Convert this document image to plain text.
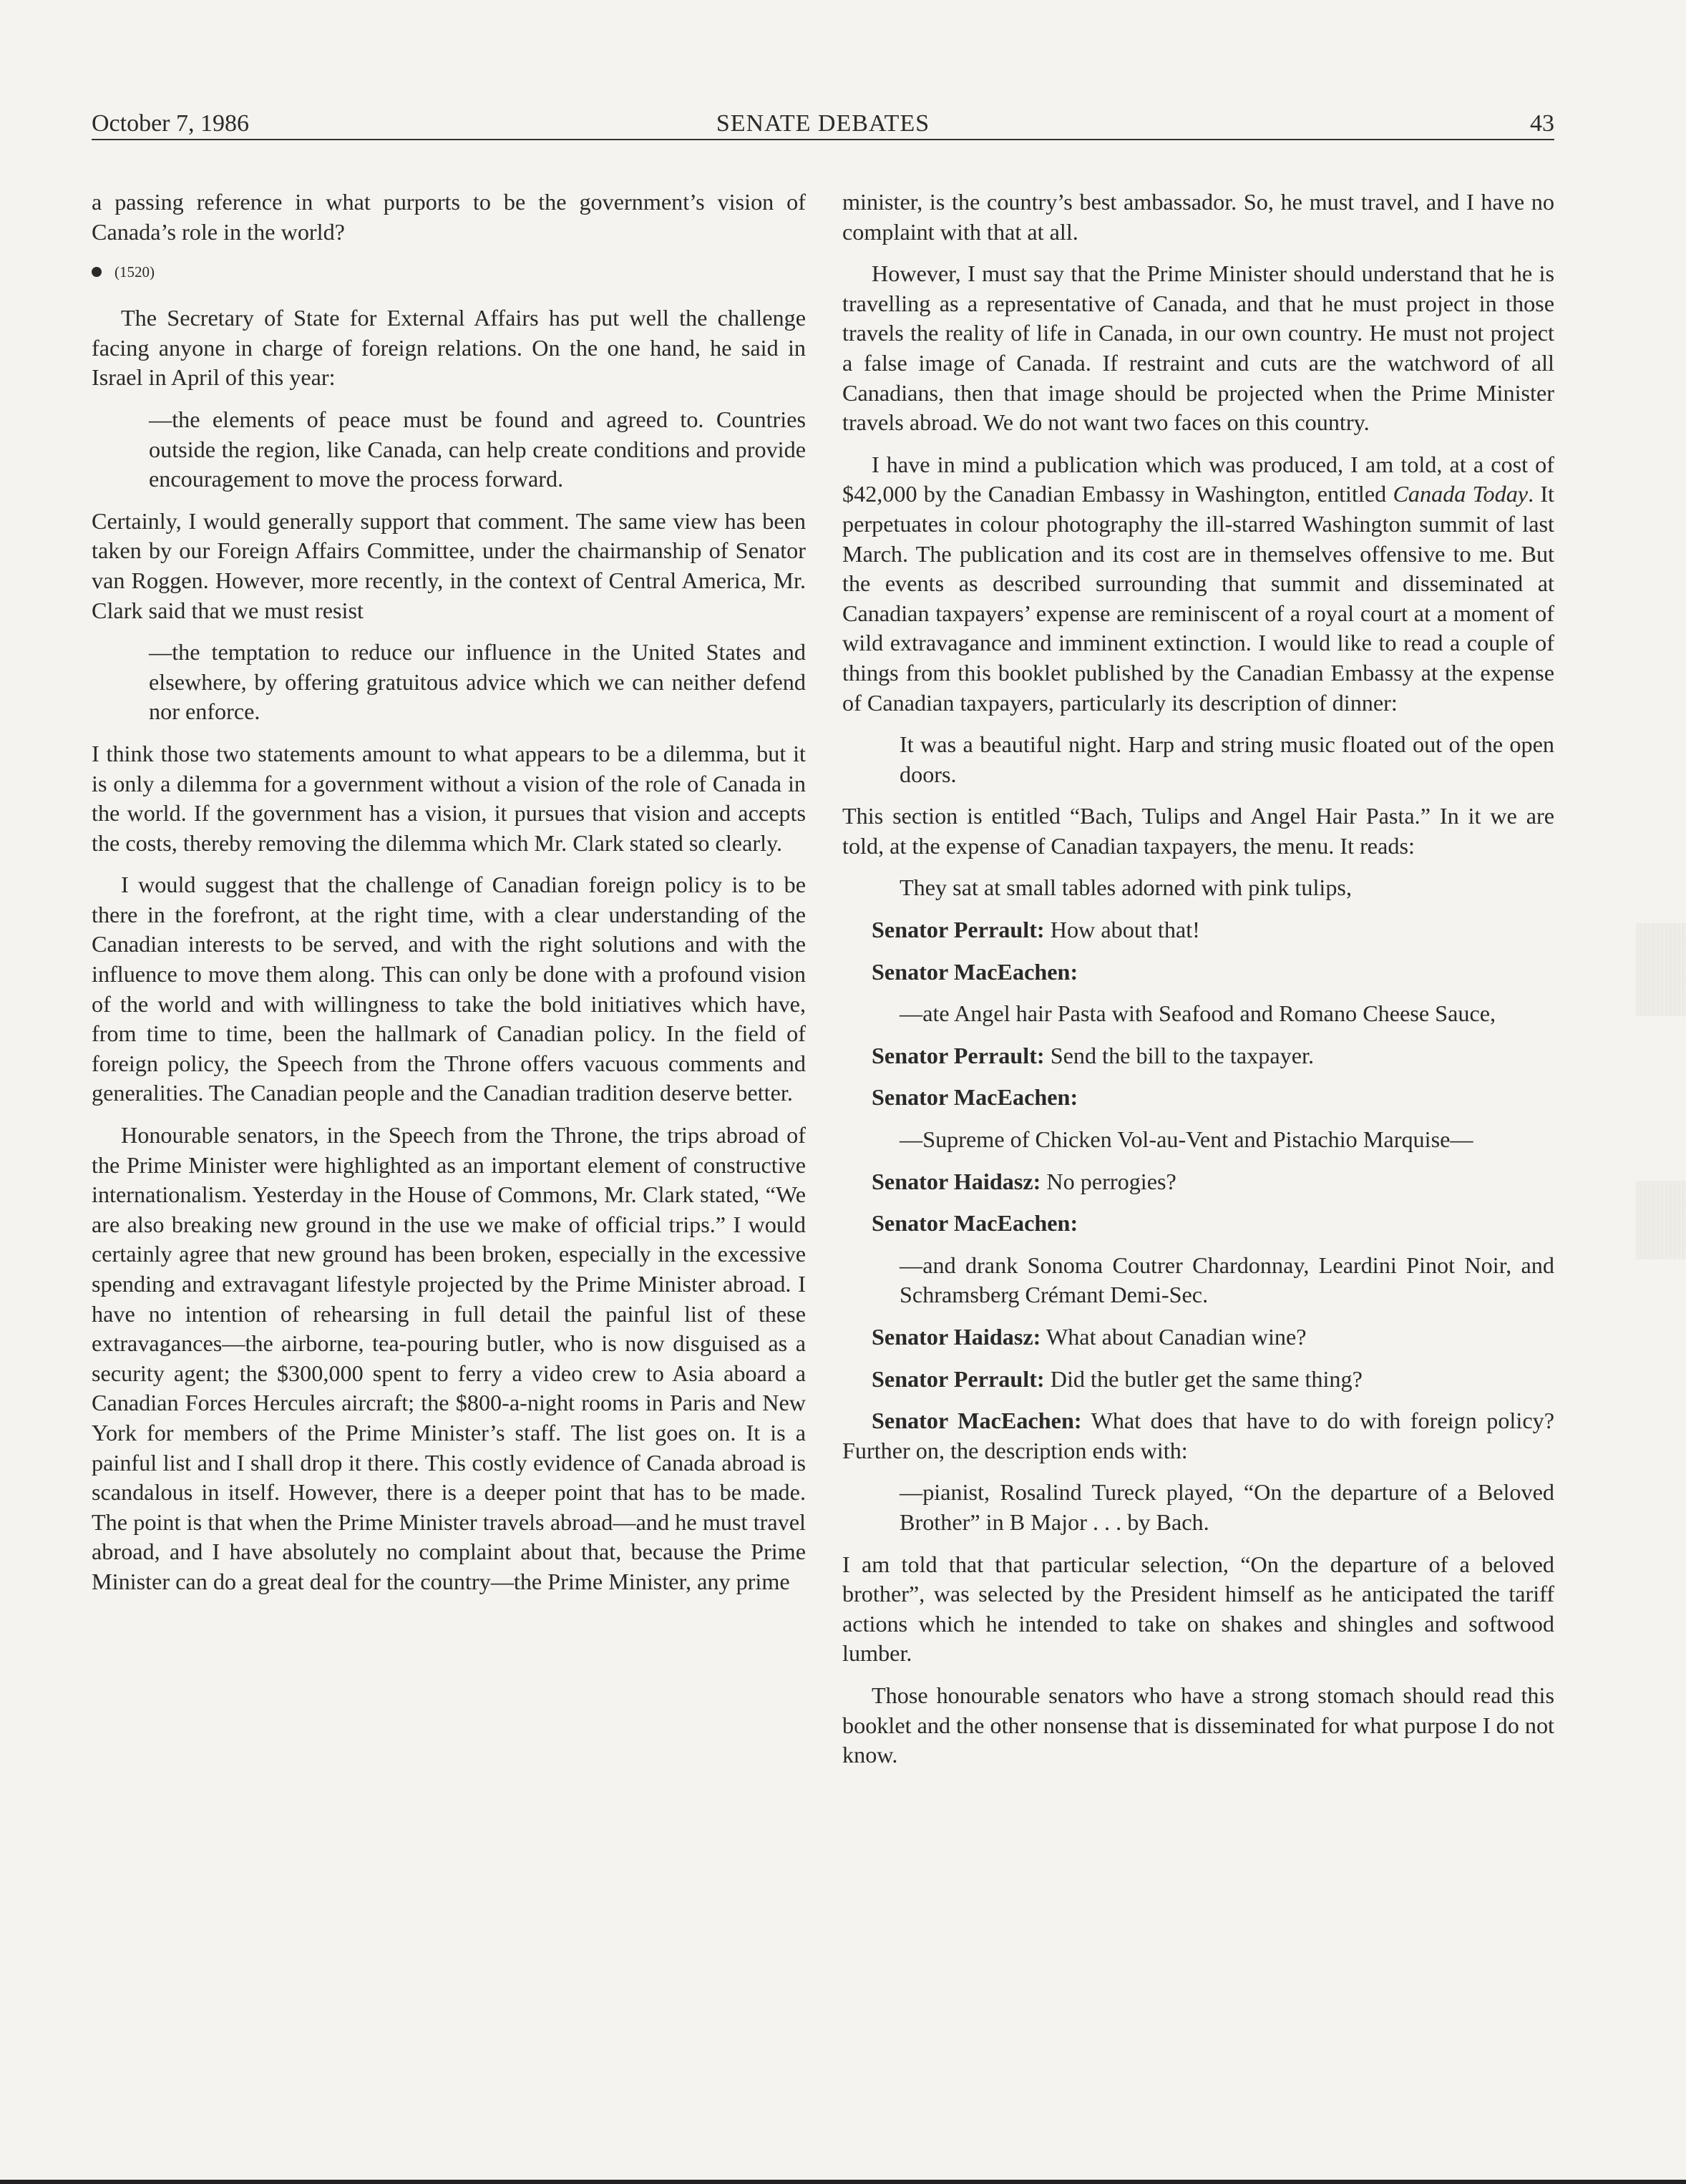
October 7, 1986	SENATE DEBATES	43

a passing reference in what purports to be the government’s vision of Canada’s role in the world?

(1520)

The Secretary of State for External Affairs has put well the challenge facing anyone in charge of foreign relations. On the one hand, he said in Israel in April of this year:

—the elements of peace must be found and agreed to. Countries outside the region, like Canada, can help create conditions and provide encouragement to move the process forward.

Certainly, I would generally support that comment. The same view has been taken by our Foreign Affairs Committee, under the chairmanship of Senator van Roggen. However, more recently, in the context of Central America, Mr. Clark said that we must resist

—the temptation to reduce our influence in the United States and elsewhere, by offering gratuitous advice which we can neither defend nor enforce.

I think those two statements amount to what appears to be a dilemma, but it is only a dilemma for a government without a vision of the role of Canada in the world. If the government has a vision, it pursues that vision and accepts the costs, thereby removing the dilemma which Mr. Clark stated so clearly.

I would suggest that the challenge of Canadian foreign policy is to be there in the forefront, at the right time, with a clear understanding of the Canadian interests to be served, and with the right solutions and with the influence to move them along. This can only be done with a profound vision of the world and with willingness to take the bold initiatives which have, from time to time, been the hallmark of Canadian policy. In the field of foreign policy, the Speech from the Throne offers vacuous comments and generalities. The Canadian people and the Canadian tradition deserve better.

Honourable senators, in the Speech from the Throne, the trips abroad of the Prime Minister were highlighted as an important element of constructive internationalism. Yesterday in the House of Commons, Mr. Clark stated, “We are also breaking new ground in the use we make of official trips.” I would certainly agree that new ground has been broken, especially in the excessive spending and extravagant lifestyle projected by the Prime Minister abroad. I have no intention of rehearsing in full detail the painful list of these extravagances—the airborne, tea-pouring butler, who is now disguised as a security agent; the $300,000 spent to ferry a video crew to Asia aboard a Canadian Forces Hercules aircraft; the $800-a-night rooms in Paris and New York for members of the Prime Minister’s staff. The list goes on. It is a painful list and I shall drop it there. This costly evidence of Canada abroad is scandalous in itself. However, there is a deeper point that has to be made. The point is that when the Prime Minister travels abroad—and he must travel abroad, and I have absolutely no complaint about that, because the Prime Minister can do a great deal for the country—the Prime Minister, any prime

minister, is the country’s best ambassador. So, he must travel, and I have no complaint with that at all.

However, I must say that the Prime Minister should understand that he is travelling as a representative of Canada, and that he must project in those travels the reality of life in Canada, in our own country. He must not project a false image of Canada. If restraint and cuts are the watchword of all Canadians, then that image should be projected when the Prime Minister travels abroad. We do not want two faces on this country.

I have in mind a publication which was produced, I am told, at a cost of $42,000 by the Canadian Embassy in Washington, entitled Canada Today. It perpetuates in colour photography the ill-starred Washington summit of last March. The publication and its cost are in themselves offensive to me. But the events as described surrounding that summit and disseminated at Canadian taxpayers’ expense are reminiscent of a royal court at a moment of wild extravagance and imminent extinction. I would like to read a couple of things from this booklet published by the Canadian Embassy at the expense of Canadian taxpayers, particularly its description of dinner:

It was a beautiful night. Harp and string music floated out of the open doors.

This section is entitled “Bach, Tulips and Angel Hair Pasta.” In it we are told, at the expense of Canadian taxpayers, the menu. It reads:

They sat at small tables adorned with pink tulips,

Senator Perrault: How about that!

Senator MacEachen:

—ate Angel hair Pasta with Seafood and Romano Cheese Sauce,

Senator Perrault: Send the bill to the taxpayer.

Senator MacEachen:

—Supreme of Chicken Vol-au-Vent and Pistachio Marquise—

Senator Haidasz: No perrogies?

Senator MacEachen:

—and drank Sonoma Coutrer Chardonnay, Leardini Pinot Noir, and Schramsberg Crémant Demi-Sec.

Senator Haidasz: What about Canadian wine?

Senator Perrault: Did the butler get the same thing?

Senator MacEachen: What does that have to do with foreign policy? Further on, the description ends with:

—pianist, Rosalind Tureck played, “On the departure of a Beloved Brother” in B Major . . . by Bach.

I am told that that particular selection, “On the departure of a beloved brother”, was selected by the President himself as he anticipated the tariff actions which he intended to take on shakes and shingles and softwood lumber.

Those honourable senators who have a strong stomach should read this booklet and the other nonsense that is disseminated for what purpose I do not know.
